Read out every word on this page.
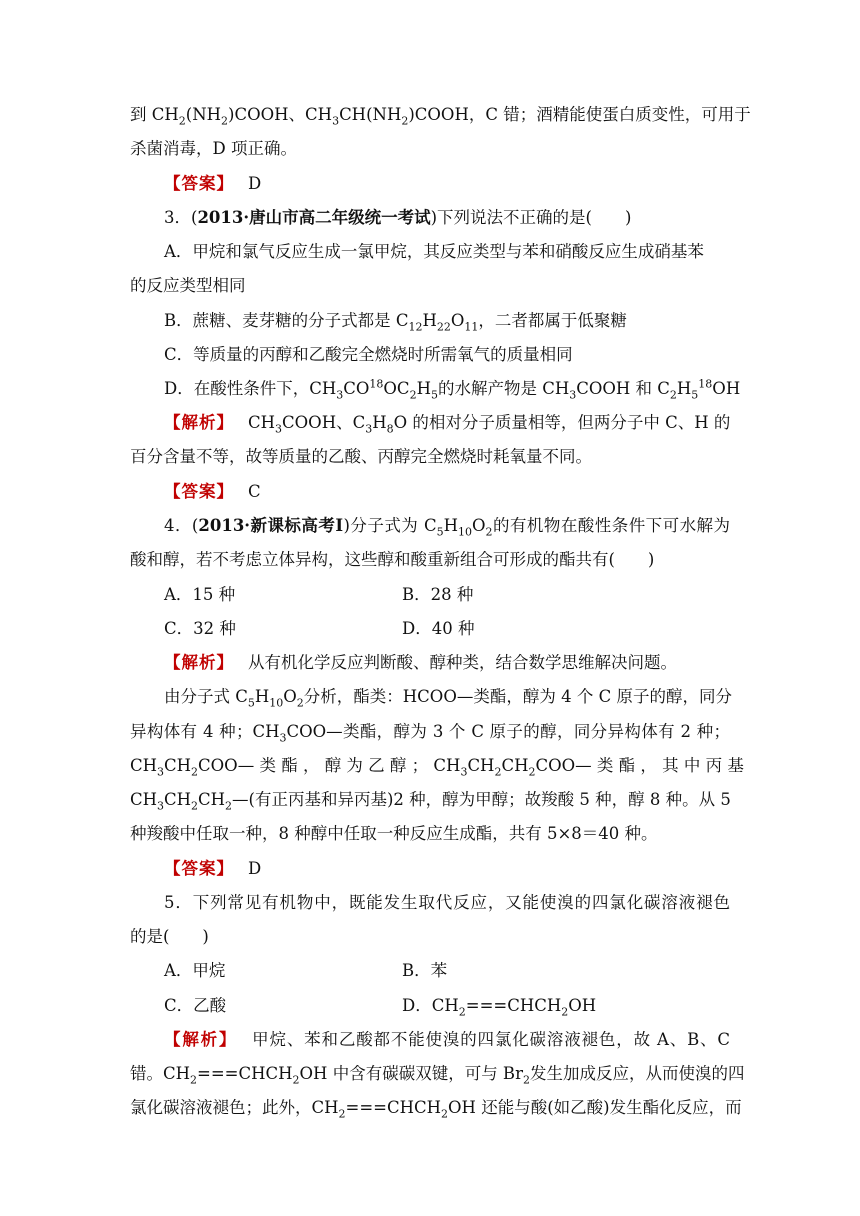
到 $CH_2(NH_2)COOH$、$CH_3CH(NH_2)COOH$，C 错；酒精能使蛋白质变性，可用于
杀菌消毒，D 项正确。
【答案】 D
3．(2013·唐山市高二年级统一考试)下列说法不正确的是(　　)
A．甲烷和氯气反应生成一氯甲烷，其反应类型与苯和硝酸反应生成硝基苯
的反应类型相同
B．蔗糖、麦芽糖的分子式都是 $C_{12}H_{22}O_{11}$，二者都属于低聚糖
C．等质量的丙醇和乙酸完全燃烧时所需氧气的质量相同
D．在酸性条件下，$CH_3CO^{18}OC_2H_5$的水解产物是 $CH_3COOH$ 和 $C_2H_5^{18}OH$
【解析】 $CH_3COOH$、$C_3H_8O$ 的相对分子质量相等，但两分子中 C、H 的
百分含量不等，故等质量的乙酸、丙醇完全燃烧时耗氧量不同。
【答案】 C
4．(2013·新课标高考Ⅰ)分子式为 $C_5H_{10}O_2$的有机物在酸性条件下可水解为
酸和醇，若不考虑立体异构，这些醇和酸重新组合可形成的酯共有(　　)
A．15 种	B．28 种
C．32 种	D．40 种
【解析】 从有机化学反应判断酸、醇种类，结合数学思维解决问题。
由分子式 $C_5H_{10}O_2$分析，酯类：HCOO—类酯，醇为 4 个 C 原子的醇，同分
异构体有 4 种；$CH_3COO—$类酯，醇为 3 个 C 原子的醇，同分异构体有 2 种；
$CH_3CH_2COO—$ 类 酯 ， 醇 为 乙 醇 ； $CH_3CH_2CH_2COO—$ 类 酯 ， 其 中 丙 基
$CH_3CH_2CH_2—$(有正丙基和异丙基)2 种，醇为甲醇；故羧酸 5 种，醇 8 种。从 5
种羧酸中任取一种，8 种醇中任取一种反应生成酯，共有 5×8＝40 种。
【答案】 D
5．下列常见有机物中，既能发生取代反应，又能使溴的四氯化碳溶液褪色
的是(　　)
A．甲烷	B．苯
C．乙酸	D．$CH_2===CHCH_2OH$
【解析】 甲烷、苯和乙酸都不能使溴的四氯化碳溶液褪色，故 A、B、C
错。$CH_2===CHCH_2OH$ 中含有碳碳双键，可与 $Br_2$发生加成反应，从而使溴的四
氯化碳溶液褪色；此外，$CH_2===CHCH_2OH$ 还能与酸(如乙酸)发生酯化反应，而
